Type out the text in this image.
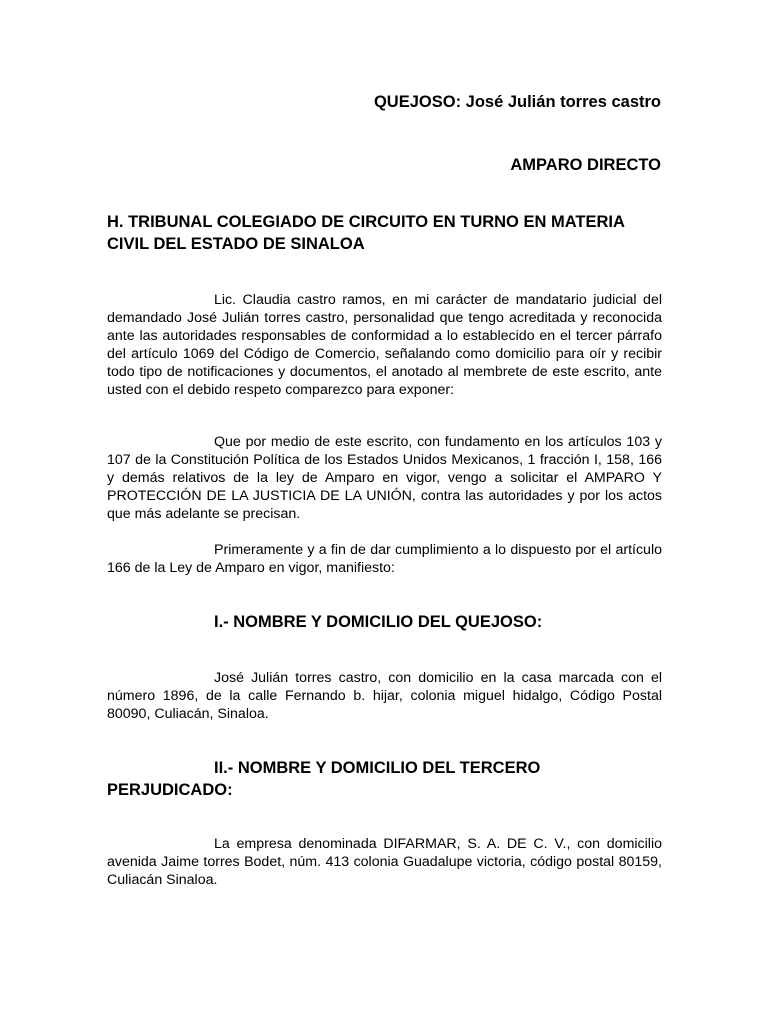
QUEJOSO: José Julián torres castro
AMPARO DIRECTO
H. TRIBUNAL COLEGIADO DE CIRCUITO EN TURNO EN MATERIA CIVIL DEL ESTADO DE SINALOA
Lic. Claudia castro ramos, en mi carácter de mandatario judicial del demandado José Julián torres castro, personalidad que tengo acreditada y reconocida ante las autoridades responsables de conformidad a lo establecido en el tercer párrafo del artículo 1069 del Código de Comercio, señalando como domicilio para oír y recibir todo tipo de notificaciones y documentos, el anotado al membrete de este escrito, ante usted con el debido respeto comparezco para exponer:
Que por medio de este escrito, con fundamento en los artículos 103 y 107 de la Constitución Política de los Estados Unidos Mexicanos, 1 fracción I, 158, 166 y demás relativos de la ley de Amparo en vigor, vengo a solicitar el AMPARO Y PROTECCIÓN DE LA JUSTICIA DE LA UNIÓN, contra las autoridades y por los actos que más adelante se precisan.
Primeramente y a fin de dar cumplimiento a lo dispuesto por el artículo 166 de la Ley de Amparo en vigor, manifiesto:
I.- NOMBRE Y DOMICILIO DEL QUEJOSO:
José Julián torres castro, con domicilio en la casa marcada con el número 1896, de la calle Fernando b. hijar, colonia miguel hidalgo, Código Postal 80090, Culiacán, Sinaloa.
II.- NOMBRE Y DOMICILIO DEL TERCERO PERJUDICADO:
La empresa denominada DIFARMAR, S. A. DE C. V., con domicilio avenida Jaime torres Bodet, núm. 413 colonia Guadalupe victoria, código postal 80159, Culiacán Sinaloa.
